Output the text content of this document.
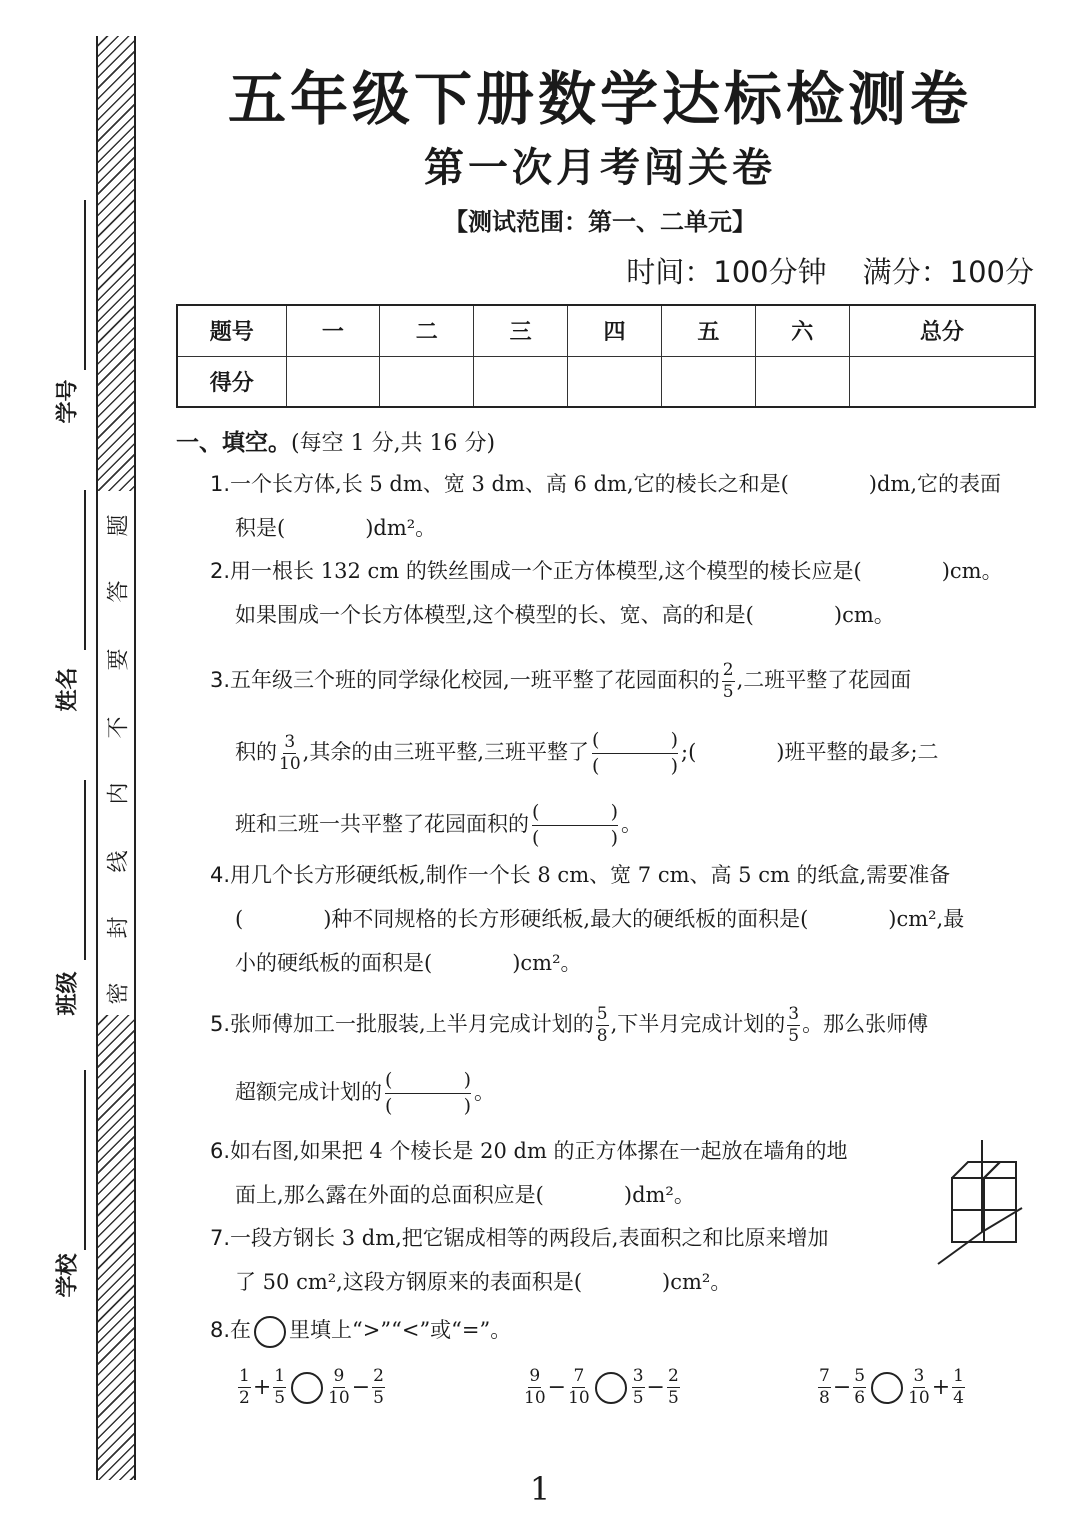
学号
姓名
班级
学校
题
答
要
不
内
线
封
密
五年级下册数学达标检测卷
第一次月考闯关卷
【测试范围：第一、二单元】
时间：100分钟 满分：100分
题号	一	二	三	四	五	六	总分
得分							
一、填空。(每空 1 分,共 16 分)
1.一个长方体,长 5 dm、宽 3 dm、高 6 dm,它的棱长之和是(	)dm,它的表面
积是(	)dm²。
2.用一根长 132 cm 的铁丝围成一个正方体模型,这个模型的棱长应是(	)cm。
如果围成一个长方体模型,这个模型的长、宽、高的和是(	)cm。
3.五年级三个班的同学绿化校园,一班平整了花园面积的 $\frac{2}{5}$ ,二班平整了花园面
积的 $\frac{3}{10}$ ,其余的由三班平整,三班平整了 (	)
(	)
;(	)班平整的最多;二
班和三班一共平整了花园面积的 (	)
(	)
。
4.用几个长方形硬纸板,制作一个长 8 cm、宽 7 cm、高 5 cm 的纸盒,需要准备
(	)种不同规格的长方形硬纸板,最大的硬纸板的面积是(	)cm²,最
小的硬纸板的面积是(	)cm²。
5.张师傅加工一批服装,上半月完成计划的 $\frac{5}{8}$ ,下半月完成计划的 $\frac{3}{5}$ 。那么张师傅
超额完成计划的 (	)
(	)
。
6.如右图,如果把 4 个棱长是 20 dm 的正方体摞在一起放在墙角的地
面上,那么露在外面的总面积应是(	)dm²。
7.一段方钢长 3 dm,把它锯成相等的两段后,表面积之和比原来增加
了 50 cm²,这段方钢原来的表面积是(	)cm²。
8.在 里填上“>”“<”或“=”。
$\frac{1}{2} + \frac{1}{5} \frac{9}{10} - \frac{2}{5}$	$\frac{9}{10} - \frac{7}{10} \frac{3}{5} - \frac{2}{5}$	$\frac{7}{8} - \frac{5}{6} \frac{3}{10} + \frac{1}{4}$
1
